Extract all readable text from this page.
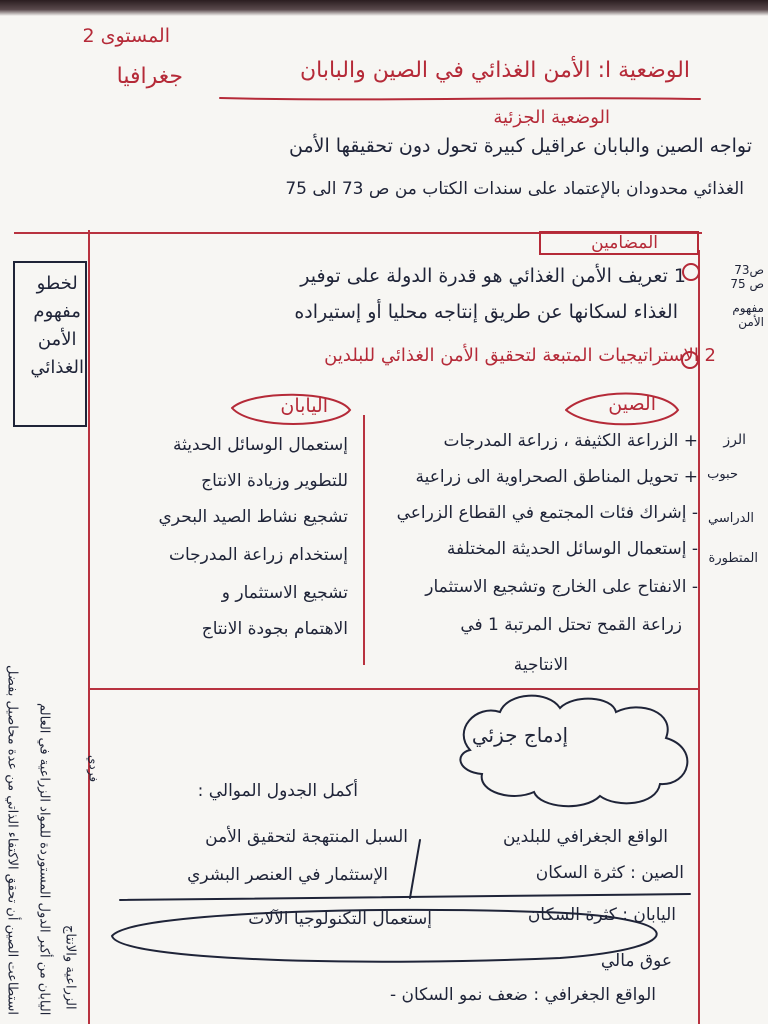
المستوى 2
جغرافيا	الوضعية ا: الأمن الغذائي في الصين والبابان
الوضعية الجزئية
تواجه الصين والبابان عراقيل كبيرة تحول دون تحقيقها الأمن
الغذائي محدودان بالإعتماد على سندات الكتاب من ص 73 الى 75
ص73
ص 75
مفهوم
الأمن
الرز
حبوب
الدراسي
المتطورة
لخطو
مفهوم
الأمن
الغذائي
استطاعت الصين أن تحقق الاكتفاء الذاتي من عدة محاصيل بفضل اليابان من أكبر الدول المستوردة للمواد الزراعية في العالم الزراعية والانتاج
فردي
المضامين
1 تعريف الأمن الغذائي هو قدرة الدولة على توفير
الغذاء لسكانها عن طريق إنتاجه محليا أو إستيراده
2 الاستراتيجيات المتبعة لتحقيق الأمن الغذائي للبلدين
الصين
اليابان
+ الزراعة الكثيفة ، زراعة المدرجات
+ تحويل المناطق الصحراوية الى زراعية
- إشراك فئات المجتمع في القطاع الزراعي
- إستعمال الوسائل الحديثة المختلفة
- الانفتاح على الخارج وتشجيع الاستثمار
زراعة القمح تحتل المرتبة 1 في
الانتاجية
إستعمال الوسائل الحديثة
للتطوير وزيادة الانتاج
تشجيع نشاط الصيد البحري
إستخدام زراعة المدرجات
تشجيع الاستثمار و
الاهتمام بجودة الانتاج
إدماج جزئي
أكمل الجدول الموالي :
الواقع الجغرافي للبلدين
السبل المنتهجة لتحقيق الأمن
الصين : كثرة السكان
الإستثمار في العنصر البشري
اليابان : كثرة السكان
إستعمال التكنولوجيا الآلات
عوق مالي
الواقع الجغرافي : ضعف نمو السكان -
